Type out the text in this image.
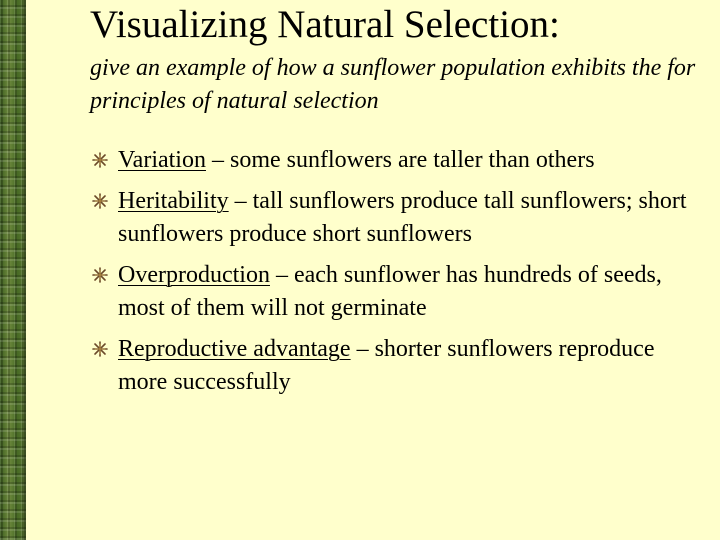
Visualizing Natural Selection:

give an example of how a sunflower population exhibits the for principles of natural selection

Variation – some sunflowers are taller than others
Heritability – tall sunflowers produce tall sunflowers; short sunflowers produce short sunflowers
Overproduction – each sunflower has hundreds of seeds, most of them will not germinate
Reproductive advantage – shorter sunflowers reproduce more successfully
